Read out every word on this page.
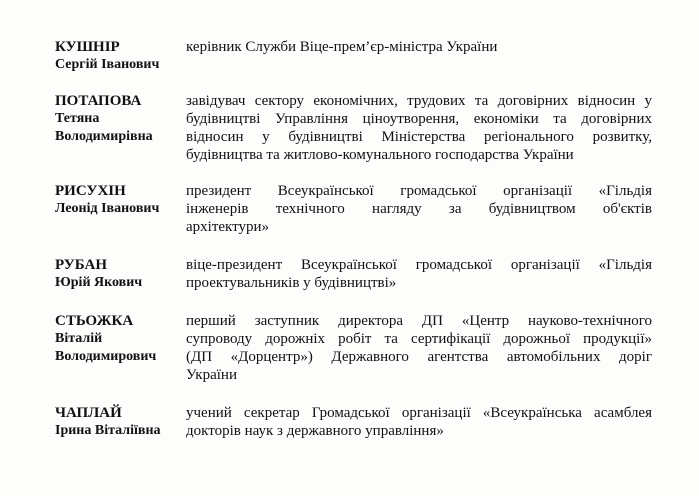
КУШНІР
Сергій Іванович
керівник Служби Віце-прем’єр-міністра України
ПОТАПОВА
Тетяна
Володимирівна
завідувач сектору економічних, трудових та договірних відносин у
будівництві Управління ціноутворення, економіки та договірних
відносин у будівництві Міністерства регіонального розвитку,
будівництва та житлово-комунального господарства України
РИСУХІН
Леонід Іванович
президент Всеукраїнської громадської організації «Гільдія
інженерів технічного нагляду за будівництвом об'єктів
архітектури»
РУБАН
Юрій Якович
віце-президент Всеукраїнської громадської організації «Гільдія
проектувальників у будівництві»
СТЬОЖКА
Віталій
Володимирович
перший заступник директора ДП «Центр науково-технічного
супроводу дорожніх робіт та сертифікації дорожньої продукції»
(ДП «Дорцентр») Державного агентства автомобільних доріг
України
ЧАПЛАЙ
Ірина Віталіївна
учений секретар Громадської організації «Всеукраїнська асамблея
докторів наук з державного управління»
